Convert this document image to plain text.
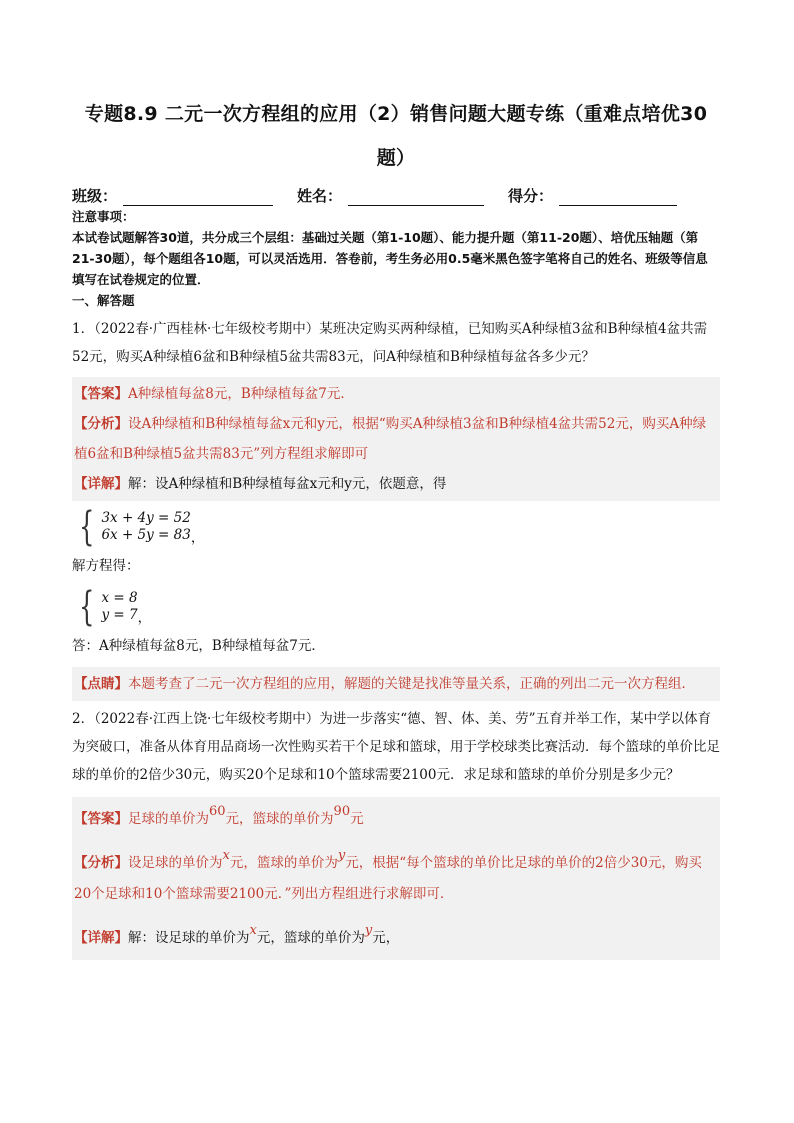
专题8.9 二元一次方程组的应用（2）销售问题大题专练（重难点培优30
题）
班级：	姓名：	得分：
注意事项：
本试卷试题解答30道，共分成三个层组：基础过关题（第1-10题）、能力提升题（第11-20题）、培优压轴题（第21-30题），每个题组各10题，可以灵活选用．答卷前，考生务必用0.5毫米黑色签字笔将自己的姓名、班级等信息填写在试卷规定的位置．
一、解答题
1．（2022春·广西桂林·七年级校考期中）某班决定购买两种绿植，已知购买A种绿植3盆和B种绿植4盆共需52元，购买A种绿植6盆和B种绿植5盆共需83元，问A种绿植和B种绿植每盆各多少元？
【答案】A种绿植每盆8元，B种绿植每盆7元．
【分析】设A种绿植和B种绿植每盆x元和y元，根据“购买A种绿植3盆和B种绿植4盆共需52元，购买A种绿植6盆和B种绿植5盆共需83元”列方程组求解即可
【详解】解：设A种绿植和B种绿植每盆x元和y元，依题意，得
{ 3x + 4y = 52
6x + 5y = 83 ，
解方程得：
{ x = 8
y = 7 ，
答：A种绿植每盆8元，B种绿植每盆7元．
【点睛】本题考查了二元一次方程组的应用，解题的关键是找准等量关系，正确的列出二元一次方程组．
2．（2022春·江西上饶·七年级校考期中）为进一步落实“德、智、体、美、劳”五育并举工作，某中学以体育为突破口，准备从体育用品商场一次性购买若干个足球和篮球，用于学校球类比赛活动．每个篮球的单价比足球的单价的2倍少30元，购买20个足球和10个篮球需要2100元．求足球和篮球的单价分别是多少元？
【答案】足球的单价为60元，篮球的单价为90元
【分析】设足球的单价为x元，篮球的单价为y元，根据“每个篮球的单价比足球的单价的2倍少30元，购买20个足球和10个篮球需要2100元．”列出方程组进行求解即可．
【详解】解：设足球的单价为x元，篮球的单价为y元，
